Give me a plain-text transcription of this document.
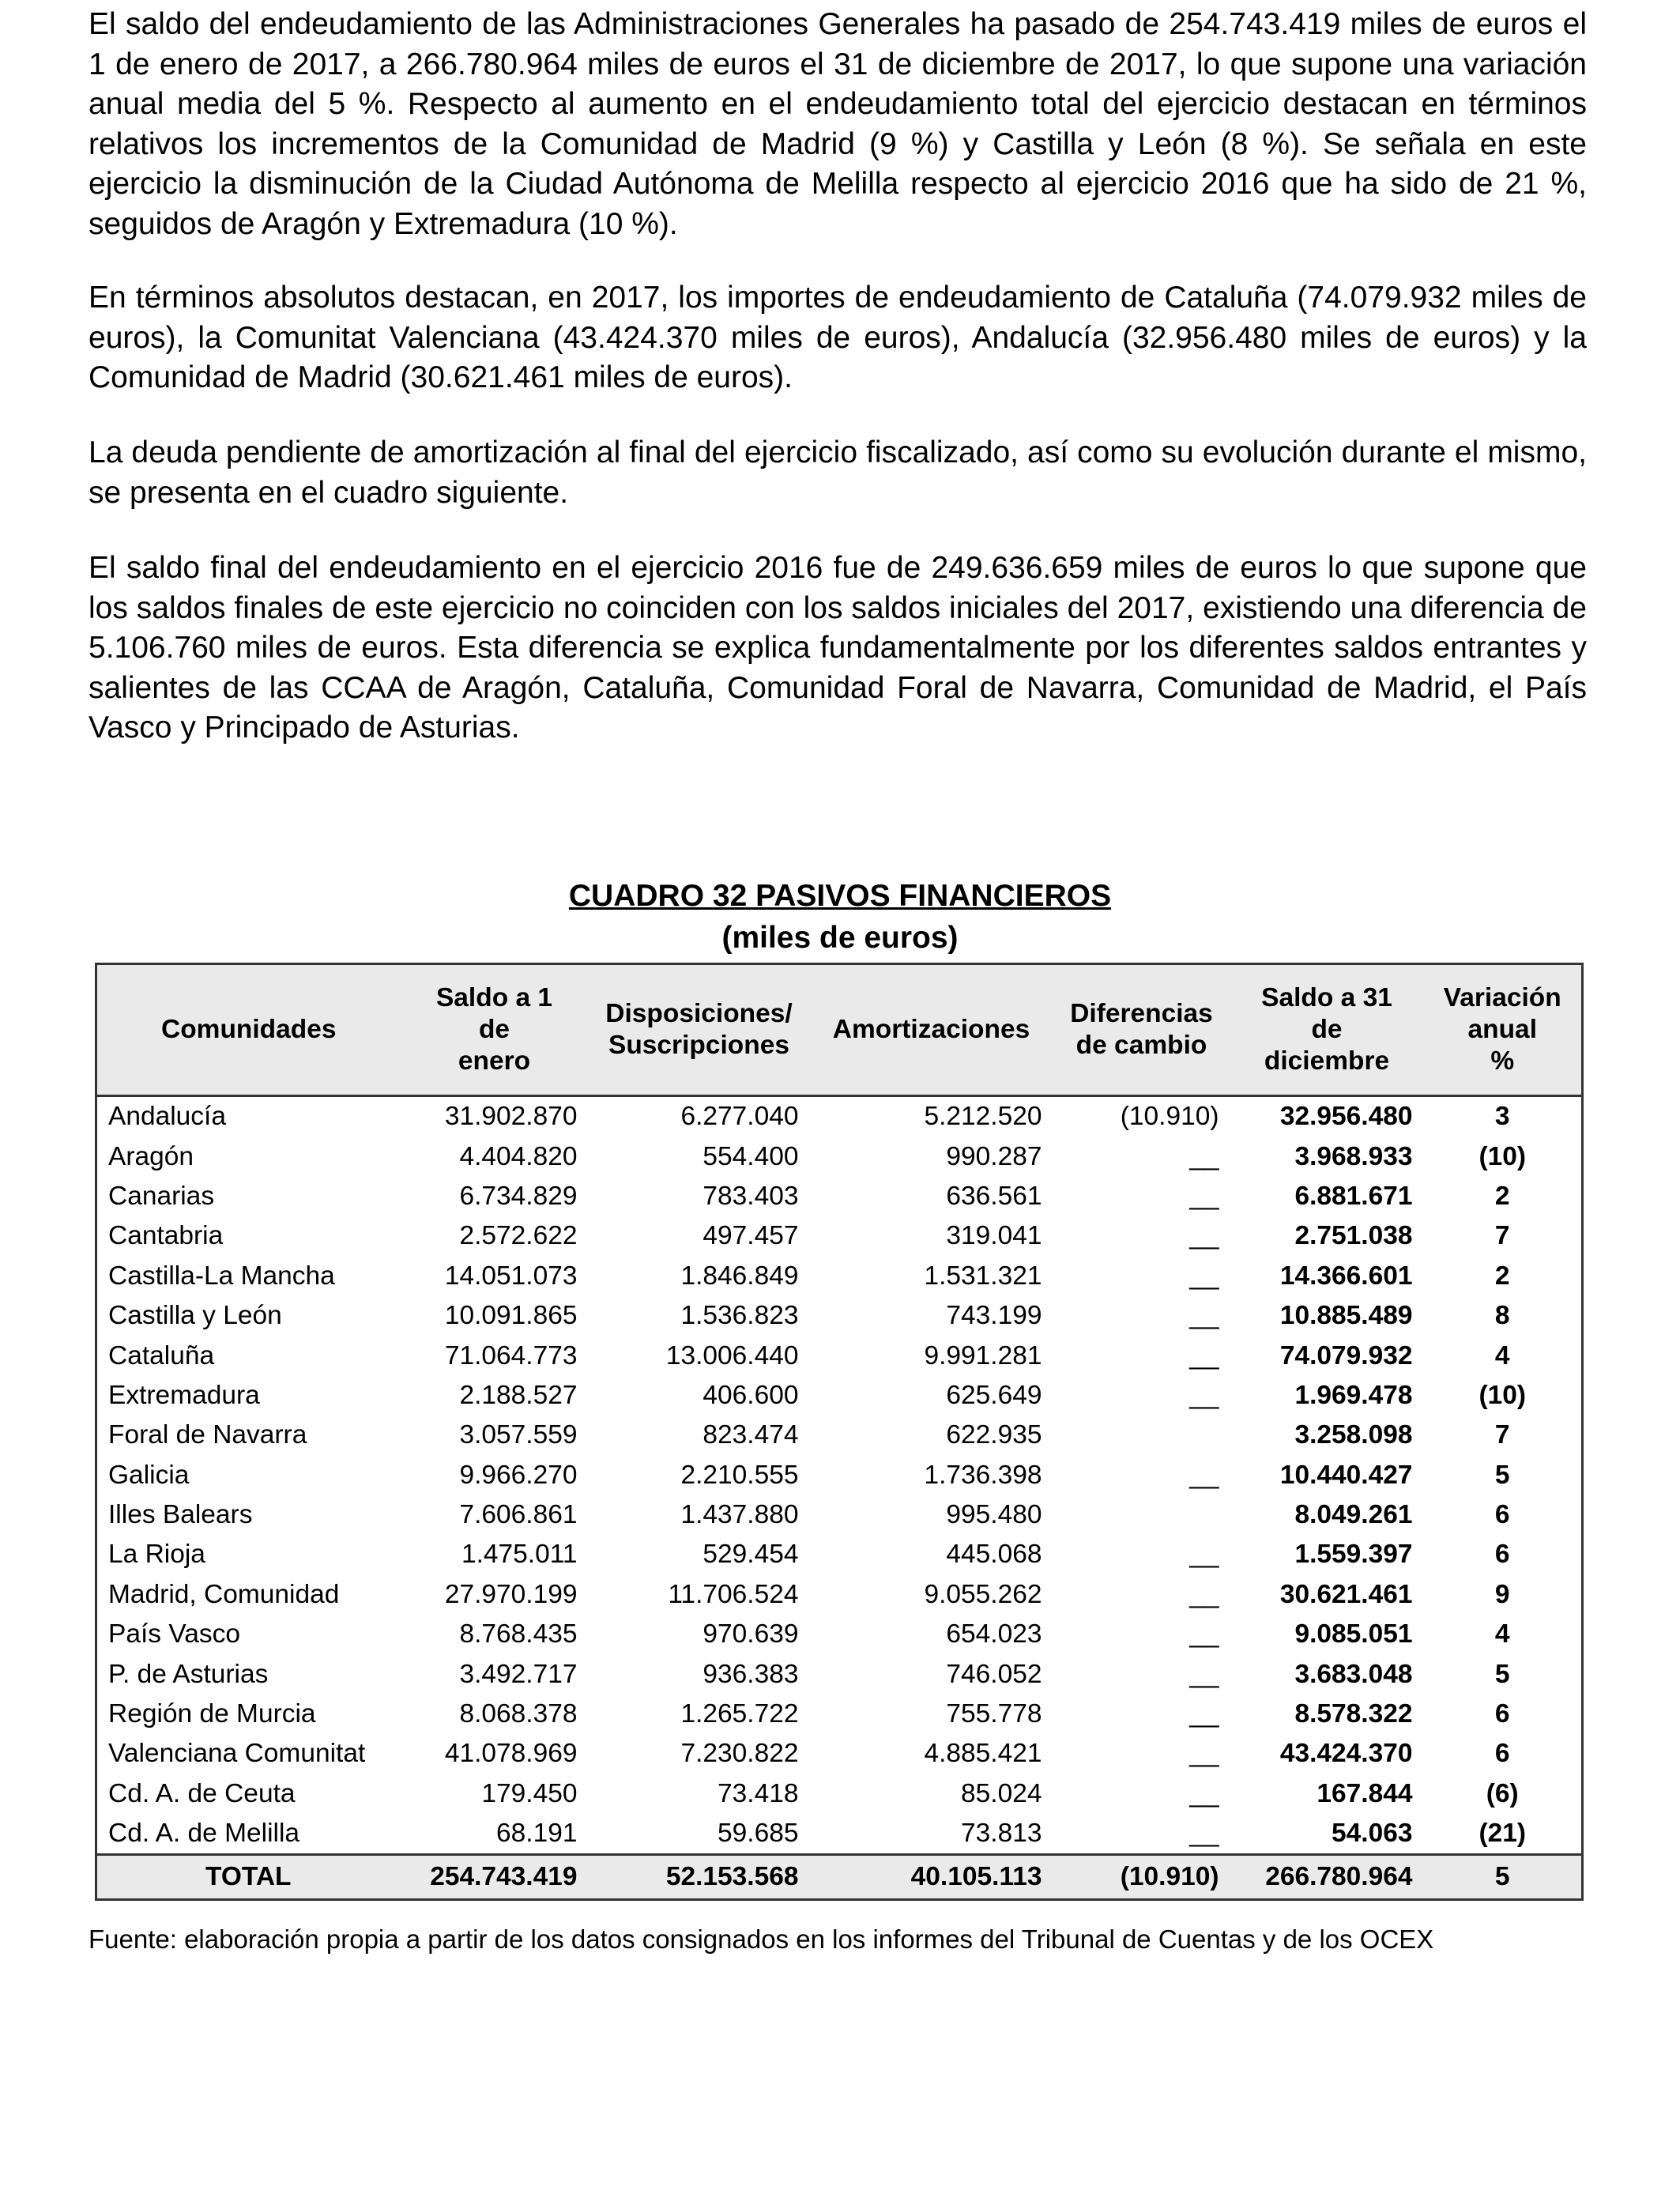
El saldo del endeudamiento de las Administraciones Generales ha pasado de 254.743.419 miles de euros el 1 de enero de 2017, a 266.780.964 miles de euros el 31 de diciembre de 2017, lo que supone una variación anual media del 5 %. Respecto al aumento en el endeudamiento total del ejercicio destacan en términos relativos los incrementos de la Comunidad de Madrid (9 %) y Castilla y León (8 %). Se señala en este ejercicio la disminución de la Ciudad Autónoma de Melilla respecto al ejercicio 2016 que ha sido de 21 %, seguidos de Aragón y Extremadura (10 %).

En términos absolutos destacan, en 2017, los importes de endeudamiento de Cataluña (74.079.932 miles de euros), la Comunitat Valenciana (43.424.370 miles de euros), Andalucía (32.956.480 miles de euros) y la Comunidad de Madrid (30.621.461 miles de euros).

La deuda pendiente de amortización al final del ejercicio fiscalizado, así como su evolución durante el mismo, se presenta en el cuadro siguiente.

El saldo final del endeudamiento en el ejercicio 2016 fue de 249.636.659 miles de euros lo que supone que los saldos finales de este ejercicio no coinciden con los saldos iniciales del 2017, existiendo una diferencia de 5.106.760 miles de euros. Esta diferencia se explica fundamentalmente por los diferentes saldos entrantes y salientes de las CCAA de Aragón, Cataluña, Comunidad Foral de Navarra, Comunidad de Madrid, el País Vasco y Principado de Asturias.

CUADRO 32 PASIVOS FINANCIEROS

(miles de euros)

Comunidades	Saldo a 1
de
enero	Disposiciones/
Suscripciones	Amortizaciones	Diferencias
de cambio	Saldo a 31
de
diciembre	Variación
anual
%
Andalucía	31.902.870	6.277.040	5.212.520	(10.910)	32.956.480	3
Aragón	4.404.820	554.400	990.287	__	3.968.933	(10)
Canarias	6.734.829	783.403	636.561	__	6.881.671	2
Cantabria	2.572.622	497.457	319.041	__	2.751.038	7
Castilla-La Mancha	14.051.073	1.846.849	1.531.321	__	14.366.601	2
Castilla y León	10.091.865	1.536.823	743.199	__	10.885.489	8
Cataluña	71.064.773	13.006.440	9.991.281	__	74.079.932	4
Extremadura	2.188.527	406.600	625.649	__	1.969.478	(10)
Foral de Navarra	3.057.559	823.474	622.935		3.258.098	7
Galicia	9.966.270	2.210.555	1.736.398	__	10.440.427	5
Illes Balears	7.606.861	1.437.880	995.480		8.049.261	6
La Rioja	1.475.011	529.454	445.068	__	1.559.397	6
Madrid, Comunidad	27.970.199	11.706.524	9.055.262	__	30.621.461	9
País Vasco	8.768.435	970.639	654.023	__	9.085.051	4
P. de Asturias	3.492.717	936.383	746.052	__	3.683.048	5
Región de Murcia	8.068.378	1.265.722	755.778	__	8.578.322	6
Valenciana Comunitat	41.078.969	7.230.822	4.885.421	__	43.424.370	6
Cd. A. de Ceuta	179.450	73.418	85.024	__	167.844	(6)
Cd. A. de Melilla	68.191	59.685	73.813	__	54.063	(21)
TOTAL	254.743.419	52.153.568	40.105.113	(10.910)	266.780.964	5

Fuente: elaboración propia a partir de los datos consignados en los informes del Tribunal de Cuentas y de los OCEX
